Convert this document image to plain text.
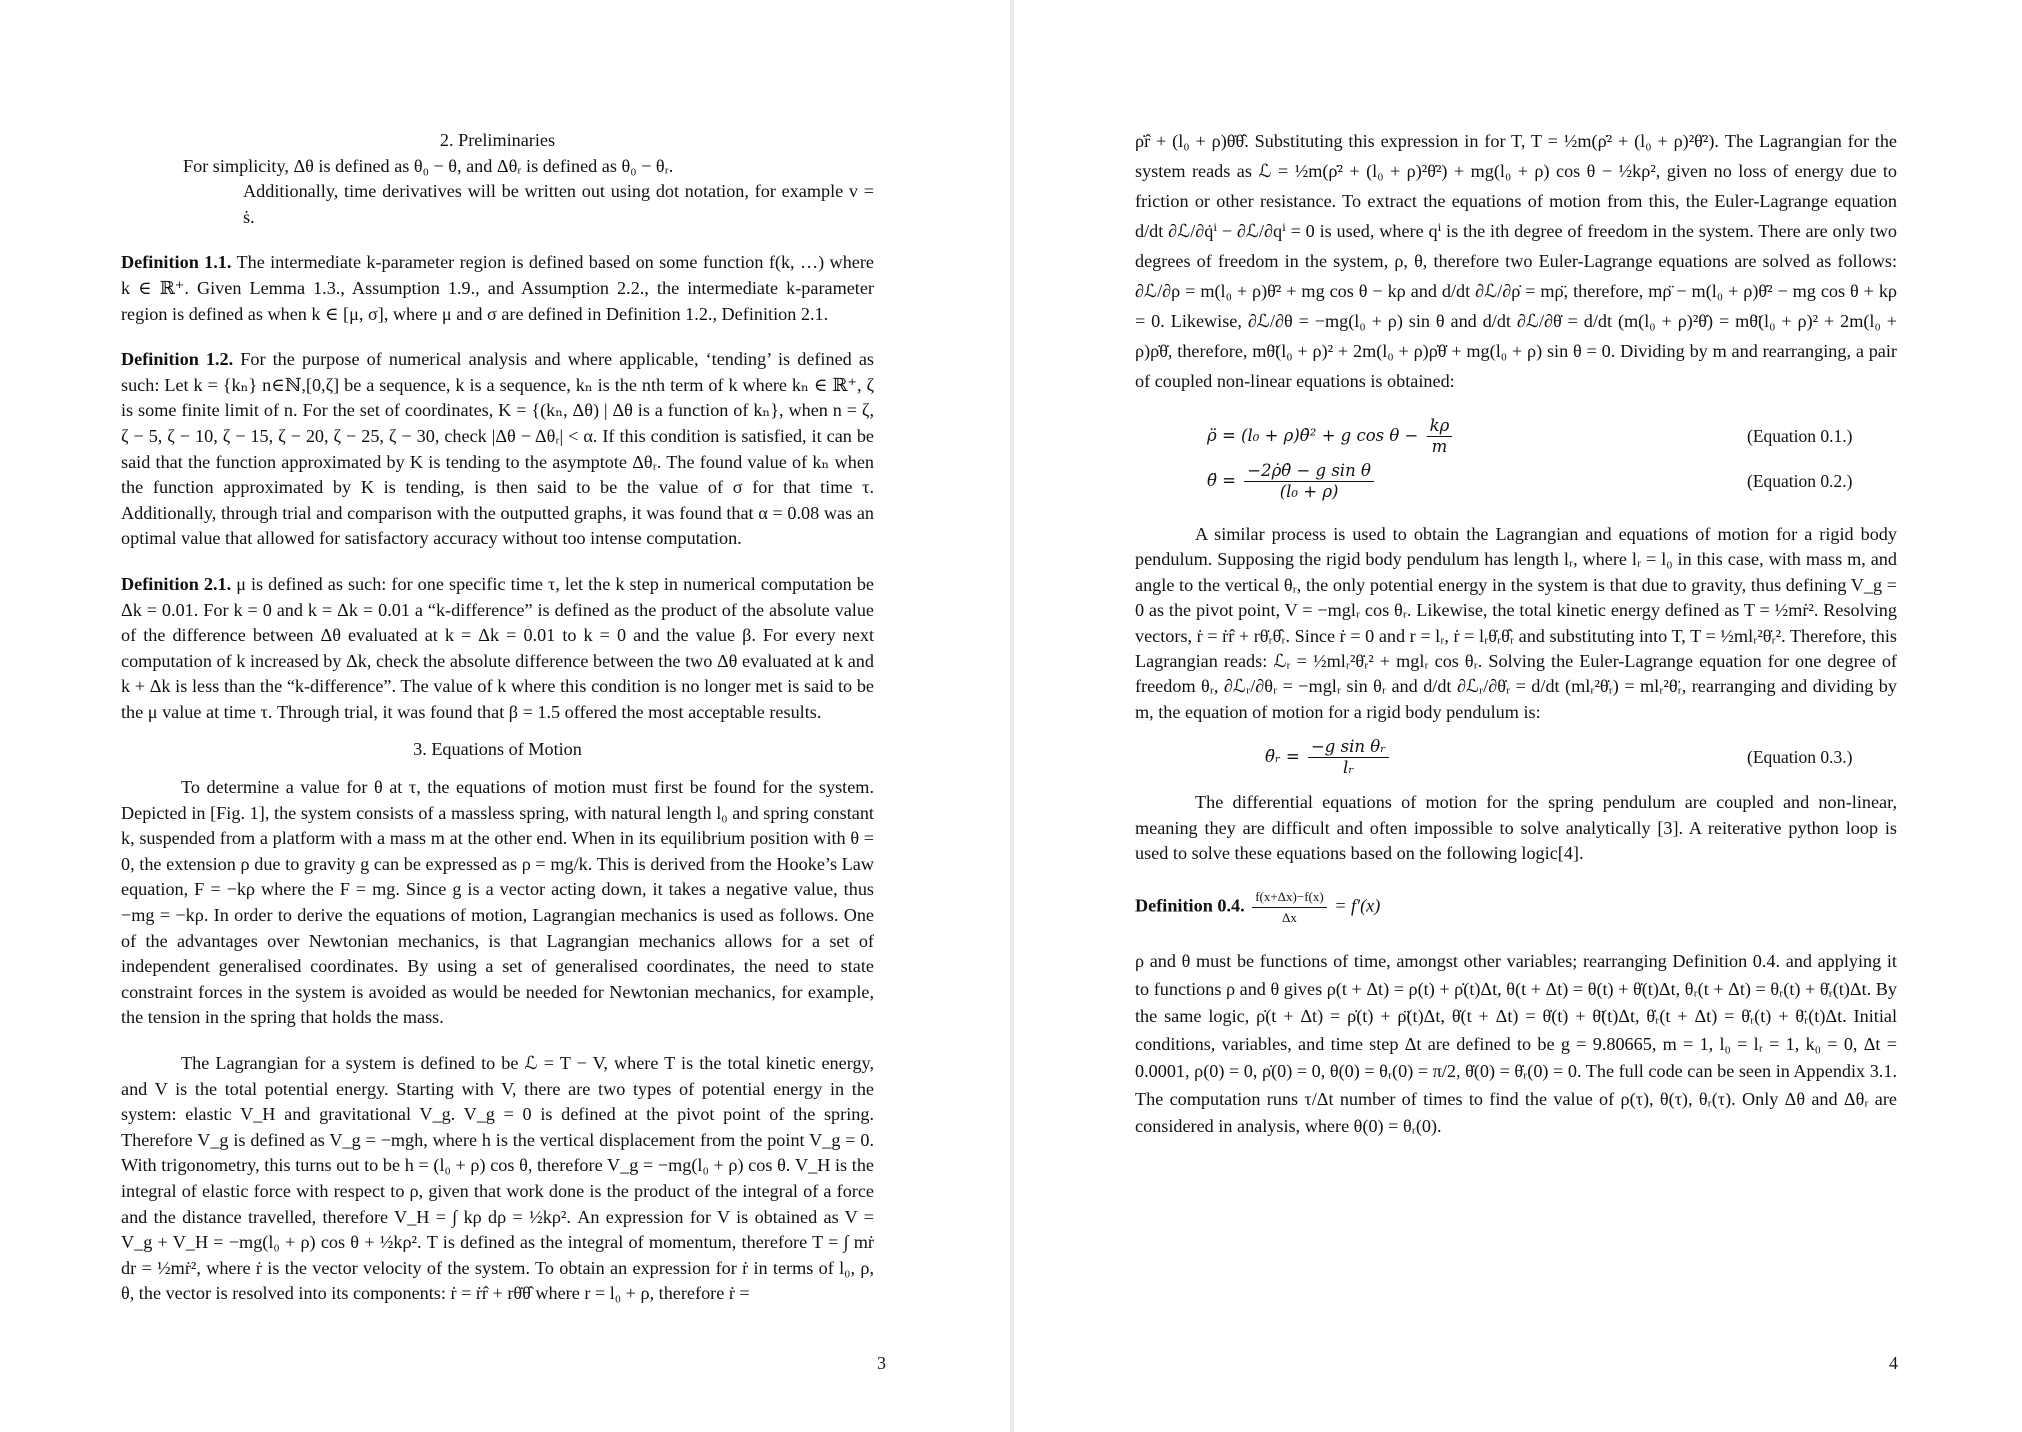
2. Preliminaries

For simplicity, Δθ is defined as θ₀ − θ, and Δθᵣ is defined as θ₀ − θᵣ.

Additionally, time derivatives will be written out using dot notation, for example v = ṡ.

Definition 1.1. The intermediate k-parameter region is defined based on some function f(k, …) where k ∈ ℝ⁺. Given Lemma 1.3., Assumption 1.9., and Assumption 2.2., the intermediate k-parameter region is defined as when k ∈ [μ, σ], where μ and σ are defined in Definition 1.2., Definition 2.1.

Definition 1.2. For the purpose of numerical analysis and where applicable, ‘tending’ is defined as such: Let k = {kₙ} n∈ℕ,[0,ζ] be a sequence, k is a sequence, kₙ is the nth term of k where kₙ ∈ ℝ⁺, ζ is some finite limit of n. For the set of coordinates, K = {(kₙ, Δθ) | Δθ is a function of kₙ}, when n = ζ, ζ − 5, ζ − 10, ζ − 15, ζ − 20, ζ − 25, ζ − 30, check |Δθ − Δθᵣ| < α. If this condition is satisfied, it can be said that the function approximated by K is tending to the asymptote Δθᵣ. The found value of kₙ when the function approximated by K is tending, is then said to be the value of σ for that time τ. Additionally, through trial and comparison with the outputted graphs, it was found that α = 0.08 was an optimal value that allowed for satisfactory accuracy without too intense computation.

Definition 2.1. μ is defined as such: for one specific time τ, let the k step in numerical computation be Δk = 0.01. For k = 0 and k = Δk = 0.01 a “k-difference” is defined as the product of the absolute value of the difference between Δθ evaluated at k = Δk = 0.01 to k = 0 and the value β. For every next computation of k increased by Δk, check the absolute difference between the two Δθ evaluated at k and k + Δk is less than the “k-difference”. The value of k where this condition is no longer met is said to be the μ value at time τ. Through trial, it was found that β = 1.5 offered the most acceptable results.

3. Equations of Motion
To determine a value for θ at τ, the equations of motion must first be found for the system. Depicted in [Fig. 1], the system consists of a massless spring, with natural length l₀ and spring constant k, suspended from a platform with a mass m at the other end. When in its equilibrium position with θ = 0, the extension ρ due to gravity g can be expressed as ρ = mg/k. This is derived from the Hooke’s Law equation, F = −kρ where the F = mg. Since g is a vector acting down, it takes a negative value, thus −mg = −kρ. In order to derive the equations of motion, Lagrangian mechanics is used as follows. One of the advantages over Newtonian mechanics, is that Lagrangian mechanics allows for a set of independent generalised coordinates. By using a set of generalised coordinates, the need to state constraint forces in the system is avoided as would be needed for Newtonian mechanics, for example, the tension in the spring that holds the mass.
The Lagrangian for a system is defined to be ℒ = T − V, where T is the total kinetic energy, and V is the total potential energy. Starting with V, there are two types of potential energy in the system: elastic V_H and gravitational V_g. V_g = 0 is defined at the pivot point of the spring. Therefore V_g is defined as V_g = −mgh, where h is the vertical displacement from the point V_g = 0. With trigonometry, this turns out to be h = (l₀ + ρ) cos θ, therefore V_g = −mg(l₀ + ρ) cos θ. V_H is the integral of elastic force with respect to ρ, given that work done is the product of the integral of a force and the distance travelled, therefore V_H = ∫ kρ dρ = ½kρ². An expression for V is obtained as V = V_g + V_H = −mg(l₀ + ρ) cos θ + ½kρ². T is defined as the integral of momentum, therefore T = ∫ mṙ dr = ½mṙ², where ṙ is the vector velocity of the system. To obtain an expression for ṙ in terms of l₀, ρ, θ, the vector is resolved into its components: ṙ = ṙr̂ + rθ̇θ̂ where r = l₀ + ρ, therefore ṙ =
3
ρ̇r̂ + (l₀ + ρ)θ̇θ̂. Substituting this expression in for T, T = ½m(ρ̇² + (l₀ + ρ)²θ̇²). The Lagrangian for the system reads as ℒ = ½m(ρ̇² + (l₀ + ρ)²θ̇²) + mg(l₀ + ρ) cos θ − ½kρ², given no loss of energy due to friction or other resistance. To extract the equations of motion from this, the Euler-Lagrange equation d/dt ∂ℒ/∂q̇ⁱ − ∂ℒ/∂qⁱ = 0 is used, where qⁱ is the ith degree of freedom in the system. There are only two degrees of freedom in the system, ρ, θ, therefore two Euler-Lagrange equations are solved as follows: ∂ℒ/∂ρ = m(l₀ + ρ)θ̇² + mg cos θ − kρ and d/dt ∂ℒ/∂ρ̇ = mρ̈, therefore, mρ̈ − m(l₀ + ρ)θ̇² − mg cos θ + kρ = 0. Likewise, ∂ℒ/∂θ = −mg(l₀ + ρ) sin θ and d/dt ∂ℒ/∂θ̇ = d/dt (m(l₀ + ρ)²θ̇) = mθ̈(l₀ + ρ)² + 2m(l₀ + ρ)ρ̇θ̇, therefore, mθ̈(l₀ + ρ)² + 2m(l₀ + ρ)ρ̇θ̇ + mg(l₀ + ρ) sin θ = 0. Dividing by m and rearranging, a pair of coupled non-linear equations is obtained:
ρ̈ = (l₀ + ρ)θ̇² + g $\cos \theta - \frac{k\rho}{m}$	(Equation 0.1.)
θ̈ = $\frac{\text{−2ρ̇θ̇ − g sin θ}}{\text{(l₀ + ρ)}}$	(Equation 0.2.)
A similar process is used to obtain the Lagrangian and equations of motion for a rigid body pendulum. Supposing the rigid body pendulum has length lᵣ, where lᵣ = l₀ in this case, with mass m, and angle to the vertical θᵣ, the only potential energy in the system is that due to gravity, thus defining V_g = 0 as the pivot point, V = −mglᵣ cos θᵣ. Likewise, the total kinetic energy defined as T = ½mṙ². Resolving vectors, ṙ = ṙr̂ + rθ̇ᵣθ̂ᵣ. Since ṙ = 0 and r = lᵣ, ṙ = lᵣθ̇ᵣθ̂ᵣ and substituting into T, T = ½mlᵣ²θ̇ᵣ². Therefore, this Lagrangian reads: ℒᵣ = ½mlᵣ²θ̇ᵣ² + mglᵣ cos θᵣ. Solving the Euler-Lagrange equation for one degree of freedom θᵣ, ∂ℒᵣ/∂θᵣ = −mglᵣ sin θᵣ and d/dt ∂ℒᵣ/∂θ̇ᵣ = d/dt (mlᵣ²θ̇ᵣ) = mlᵣ²θ̈ᵣ, rearranging and dividing by m, the equation of motion for a rigid body pendulum is:
θ̈ᵣ = $\frac{\text{−g sin θᵣ}}{\text{lᵣ}}$	(Equation 0.3.)
The differential equations of motion for the spring pendulum are coupled and non-linear, meaning they are difficult and often impossible to solve analytically [3]. A reiterative python loop is used to solve these equations based on the following logic[4].
Definition 0.4. $\frac{f(x+\Delta x)-f(x)}{\Delta x} = f'(x)$
ρ and θ must be functions of time, amongst other variables; rearranging Definition 0.4. and applying it to functions ρ and θ gives ρ(t + Δt) = ρ(t) + ρ̇(t)Δt, θ(t + Δt) = θ(t) + θ̇(t)Δt, θᵣ(t + Δt) = θᵣ(t) + θ̇ᵣ(t)Δt. By the same logic, ρ̇(t + Δt) = ρ̇(t) + ρ̈(t)Δt, θ̇(t + Δt) = θ̇(t) + θ̈(t)Δt, θ̇ᵣ(t + Δt) = θ̇ᵣ(t) + θ̈ᵣ(t)Δt. Initial conditions, variables, and time step Δt are defined to be g = 9.80665, m = 1, l₀ = lᵣ = 1, k₀ = 0, Δt = 0.0001, ρ(0) = 0, ρ̇(0) = 0, θ(0) = θᵣ(0) = π/2, θ̇(0) = θ̇ᵣ(0) = 0. The full code can be seen in Appendix 3.1. The computation runs τ/Δt number of times to find the value of ρ(τ), θ(τ), θᵣ(τ). Only Δθ and Δθᵣ are considered in analysis, where θ(0) = θᵣ(0).
4
